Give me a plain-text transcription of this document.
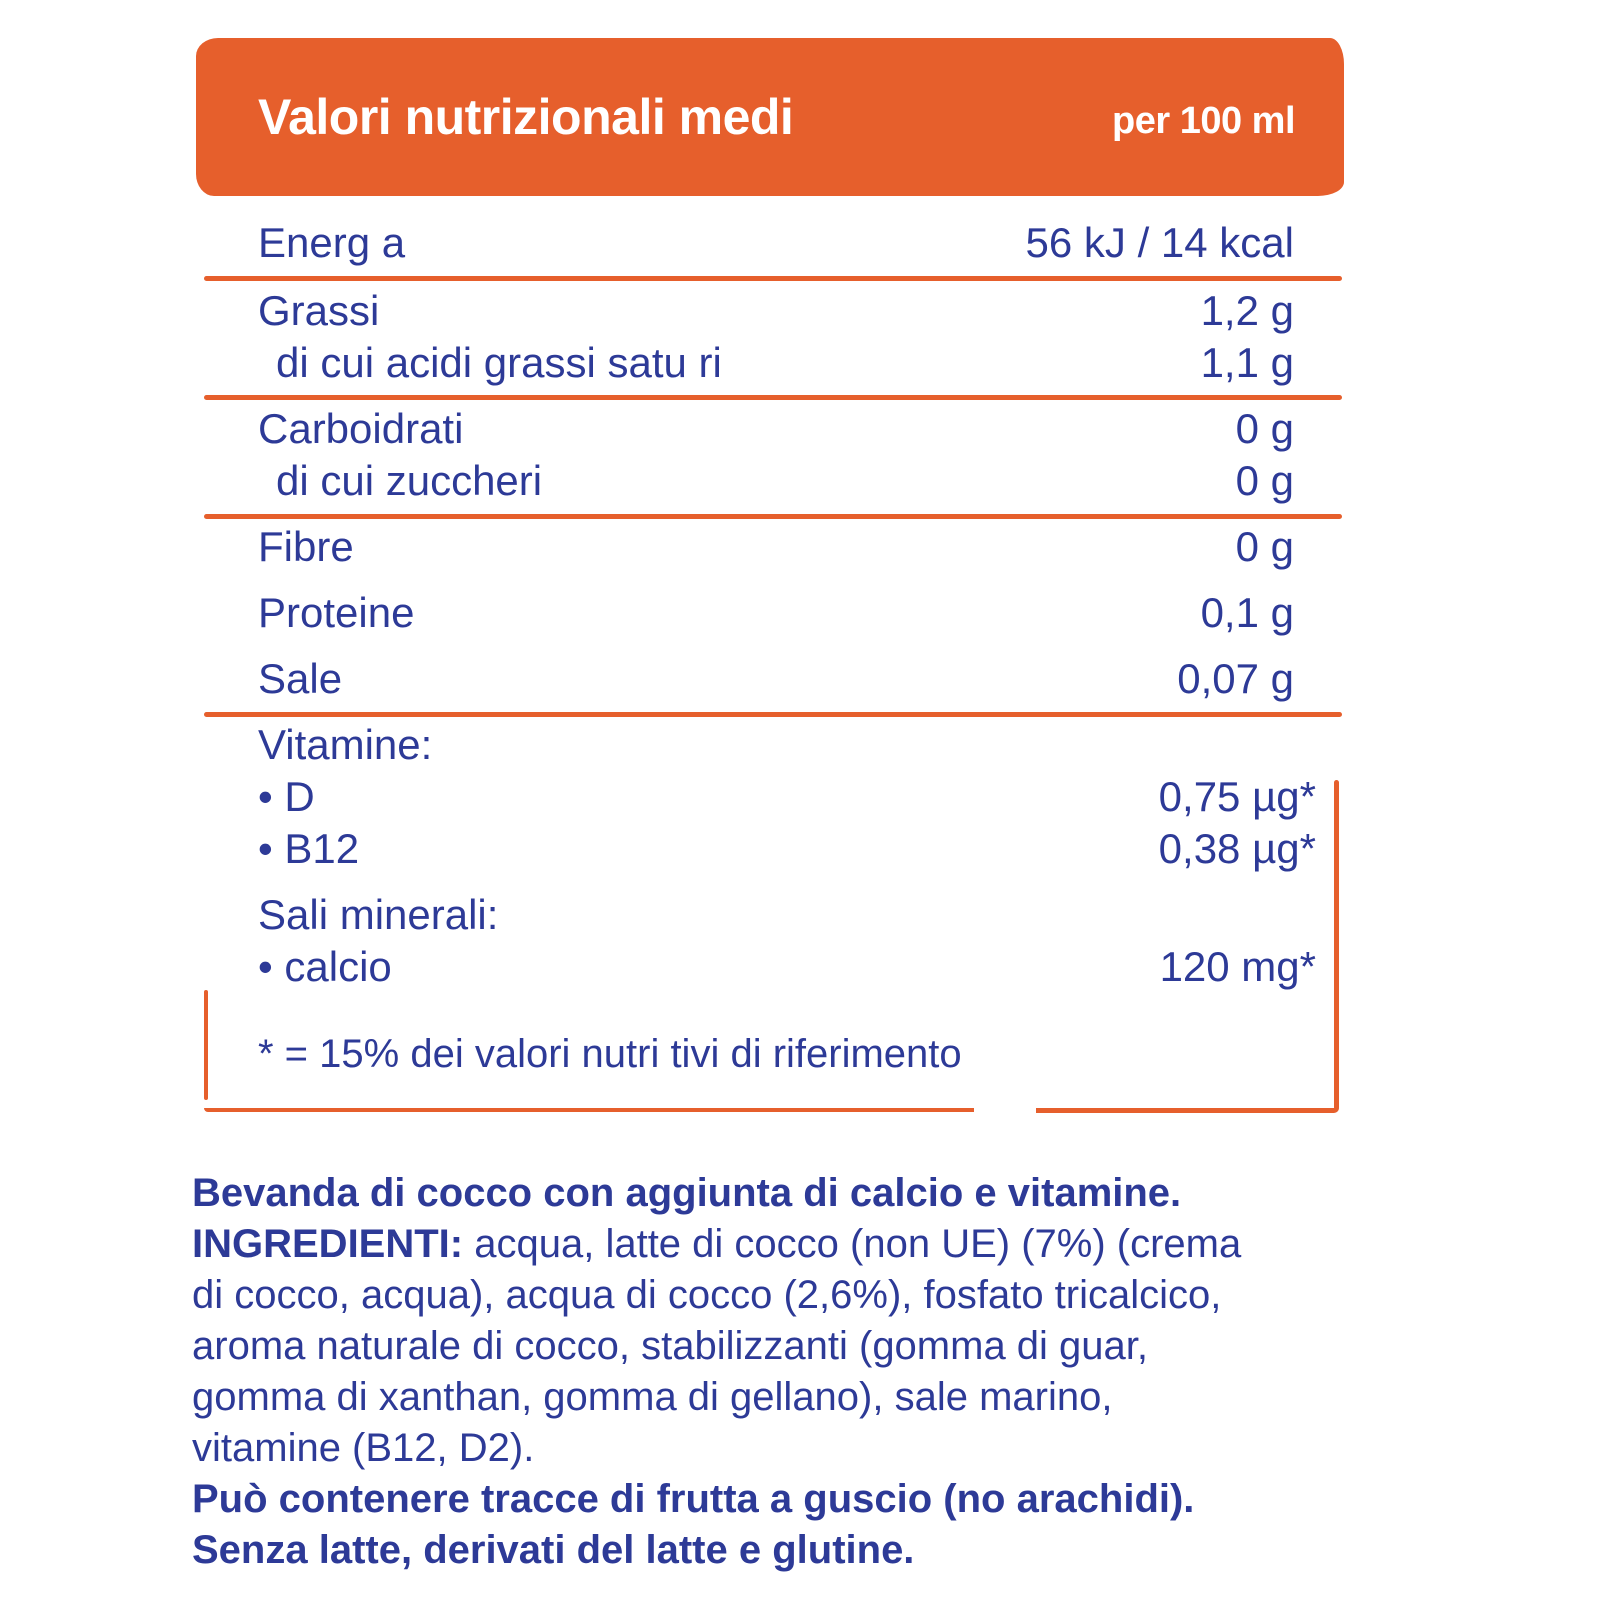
Valori nutrizionali medi	per 100 ml
Energ a	56 kJ / 14 kcal
Grassi	1,2 g
di cui acidi grassi satu ri	1,1 g
Carboidrati	0 g
di cui zuccheri	0 g
Fibre	0 g
Proteine	0,1 g
Sale	0,07 g
Vitamine:
• D	0,75 µg*
• B12	0,38 µg*
Sali minerali:
• calcio	120 mg*
* = 15% dei valori nutri tivi di riferimento

Bevanda di cocco con aggiunta di calcio e vitamine.

INGREDIENTI: acqua, latte di cocco (non UE) (7%) (crema

di cocco, acqua), acqua di cocco (2,6%), fosfato tricalcico,

aroma naturale di cocco, stabilizzanti (gomma di guar,

gomma di xanthan, gomma di gellano), sale marino,

vitamine (B12, D2).

Può contenere tracce di frutta a guscio (no arachidi).

Senza latte, derivati del latte e glutine.
